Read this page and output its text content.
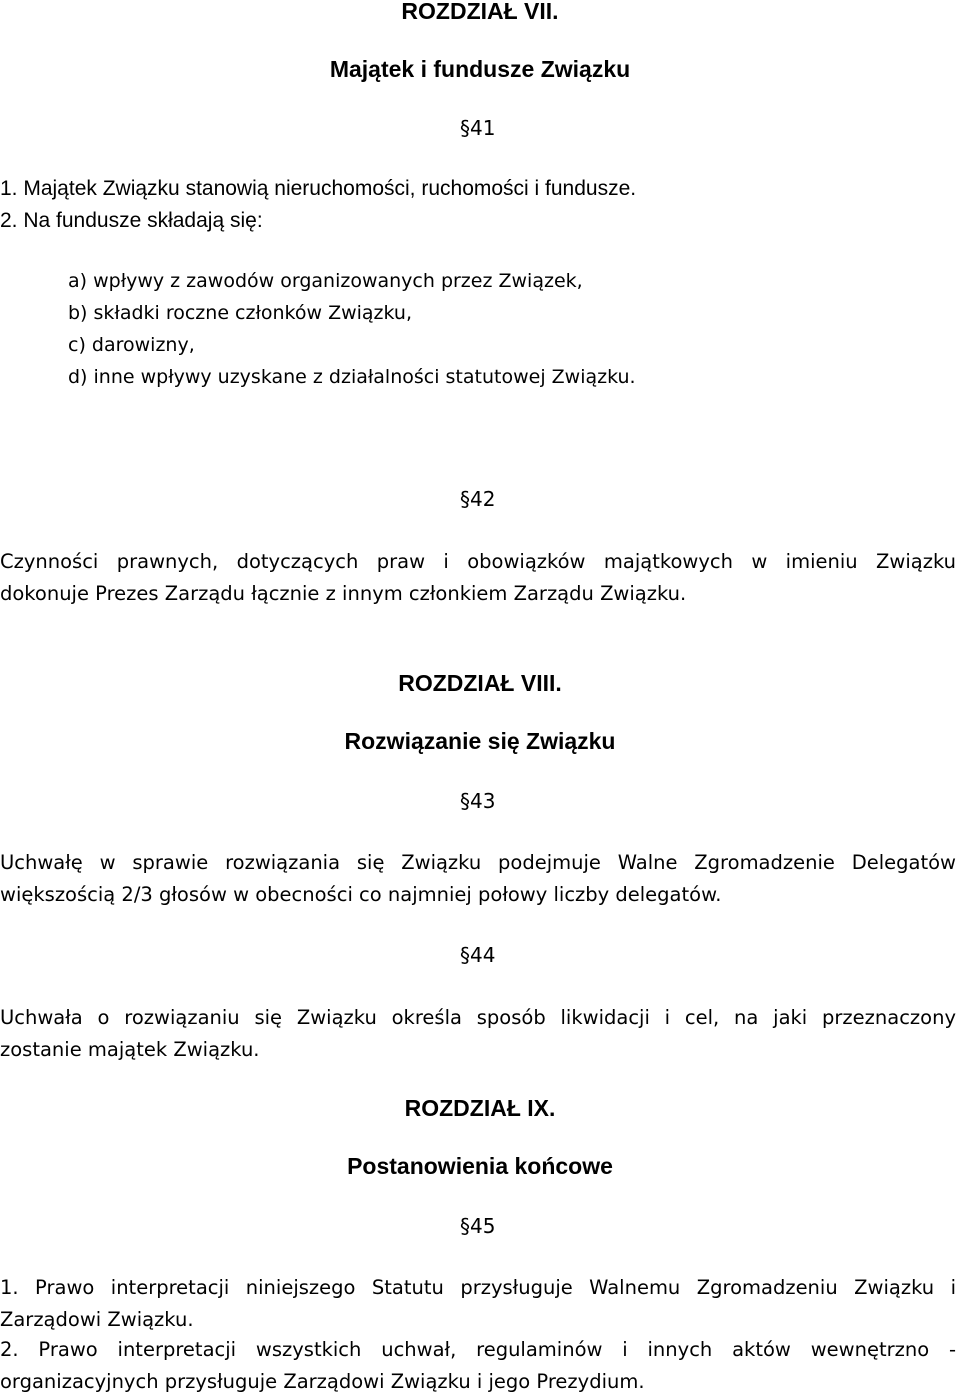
ROZDZIAŁ VII.

Majątek i fundusze Związku

§41

1. Majątek Związku stanowią nieruchomości, ruchomości i fundusze.

2. Na fundusze składają się:

a) wpływy z zawodów organizowanych przez Związek,

b) składki roczne członków Związku,

c) darowizny,

d) inne wpływy uzyskane z działalności statutowej Związku.

§42

Czynności prawnych, dotyczących praw i obowiązków majątkowych w imieniu Związku
dokonuje Prezes Zarządu łącznie z innym członkiem Zarządu Związku.

ROZDZIAŁ VIII.

Rozwiązanie się Związku

§43

Uchwałę w sprawie rozwiązania się Związku podejmuje Walne Zgromadzenie Delegatów
większością 2/3 głosów w obecności co najmniej połowy liczby delegatów.

§44

Uchwała o rozwiązaniu się Związku określa sposób likwidacji i cel, na jaki przeznaczony
zostanie majątek Związku.

ROZDZIAŁ IX.

Postanowienia końcowe

§45

1. Prawo interpretacji niniejszego Statutu przysługuje Walnemu Zgromadzeniu Związku i
Zarządowi Związku.
2. Prawo interpretacji wszystkich uchwał, regulaminów i innych aktów wewnętrzno -
organizacyjnych przysługuje Zarządowi Związku i jego Prezydium.
